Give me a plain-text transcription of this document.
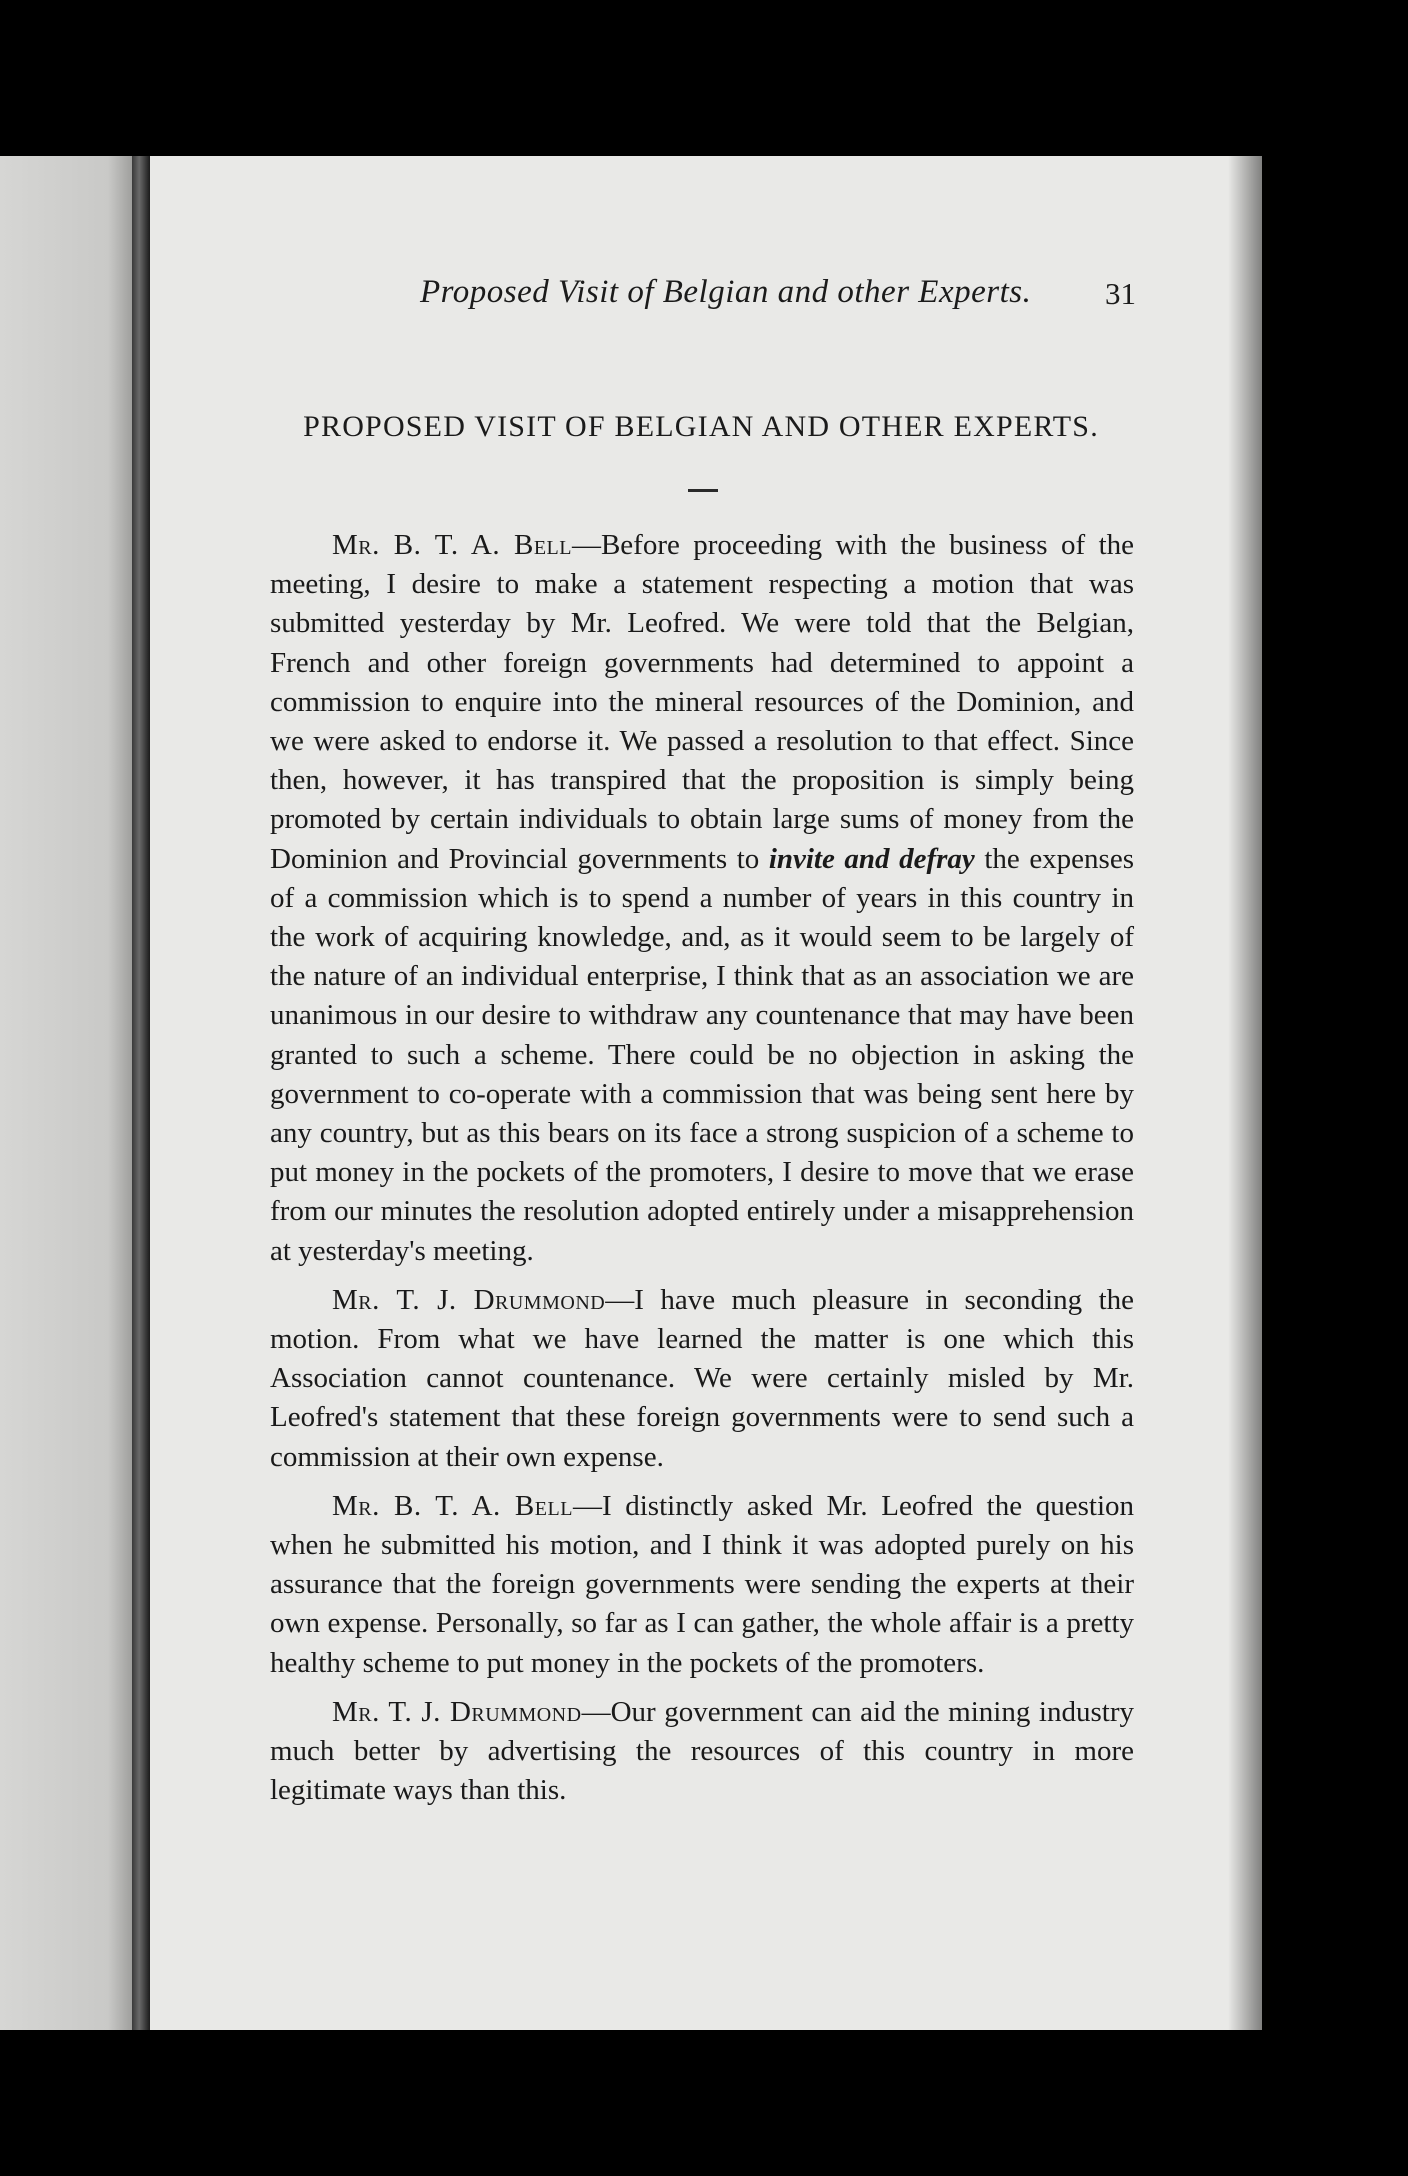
Proposed Visit of Belgian and other Experts. 31
PROPOSED VISIT OF BELGIAN AND OTHER EXPERTS.

Mr. B. T. A. Bell—Before proceeding with the business of the meeting, I desire to make a statement respecting a motion that was submitted yesterday by Mr. Leofred. We were told that the Belgian, French and other foreign governments had determined to appoint a commission to enquire into the mineral resources of the Dominion, and we were asked to endorse it. We passed a resolution to that effect. Since then, however, it has transpired that the proposition is simply being promoted by certain individuals to obtain large sums of money from the Dominion and Provincial governments to invite and defray the expenses of a commission which is to spend a number of years in this country in the work of acquiring knowledge, and, as it would seem to be largely of the nature of an individual enterprise, I think that as an association we are unanimous in our desire to withdraw any countenance that may have been granted to such a scheme. There could be no objection in asking the government to co-operate with a commission that was being sent here by any country, but as this bears on its face a strong suspicion of a scheme to put money in the pockets of the promoters, I desire to move that we erase from our minutes the resolution adopted entirely under a misapprehension at yesterday's meeting.

Mr. T. J. Drummond—I have much pleasure in seconding the motion. From what we have learned the matter is one which this Association cannot countenance. We were certainly misled by Mr. Leofred's statement that these foreign governments were to send such a commission at their own expense.

Mr. B. T. A. Bell—I distinctly asked Mr. Leofred the question when he submitted his motion, and I think it was adopted purely on his assurance that the foreign governments were sending the experts at their own expense. Personally, so far as I can gather, the whole affair is a pretty healthy scheme to put money in the pockets of the promoters.

Mr. T. J. Drummond—Our government can aid the mining industry much better by advertising the resources of this country in more legitimate ways than this.
